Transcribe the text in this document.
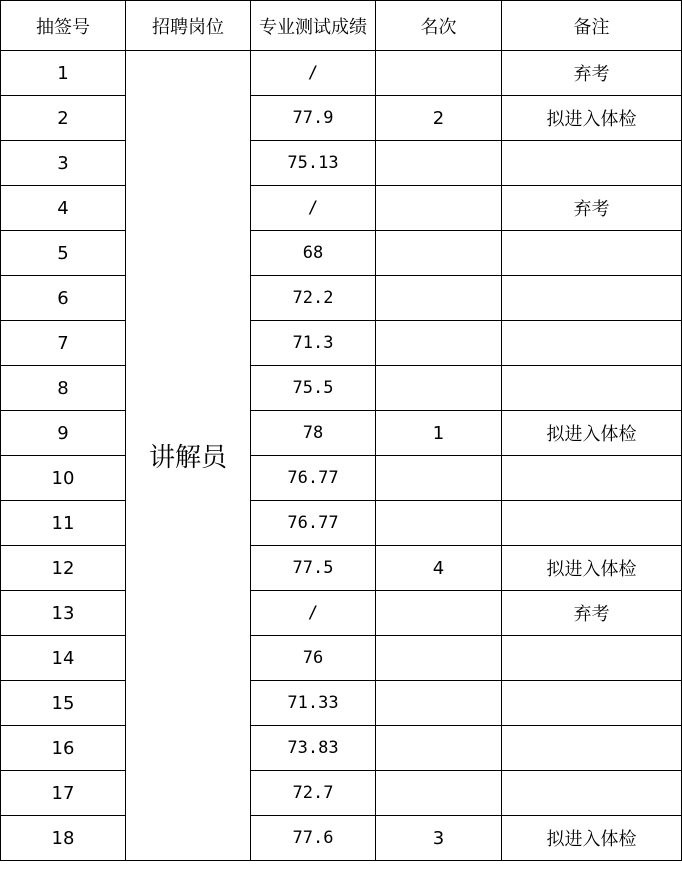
抽签号	招聘岗位	专业测试成绩	名次	备注
1	讲解员	/		弃考
2		77.9	2	拟进入体检
3		75.13		
4		/		弃考
5		68		
6		72.2		
7		71.3		
8		75.5		
9		78	1	拟进入体检
10		76.77		
11		76.77		
12		77.5	4	拟进入体检
13		/		弃考
14		76		
15		71.33		
16		73.83		
17		72.7		
18		77.6	3	拟进入体检
